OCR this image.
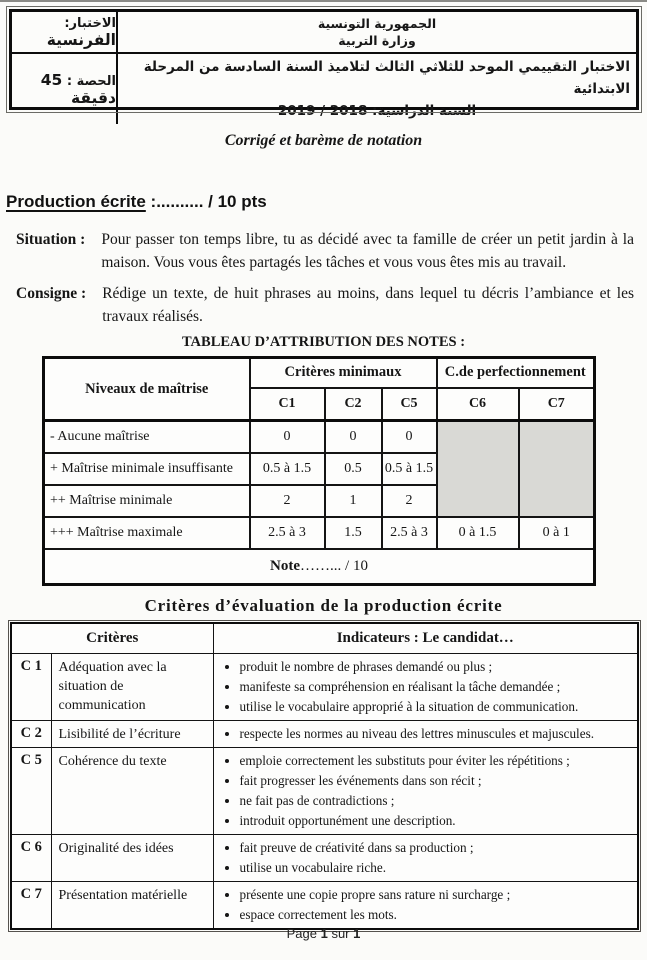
الاختبار: الفرنسية
الجمهورية التونسية
وزارة التربية
الحصة : 45 دقيقة
الاختبار التقييمي الموحد للثلاثي الثالث لتلاميذ السنة السادسة من المرحلة الابتدائية
السنة الدراسية: 2018 / 2019
Corrigé et barème de notation
Production écrite :.......... / 10 pts
Situation : Pour passer ton temps libre, tu as décidé avec ta famille de créer un petit jardin à la maison. Vous vous êtes partagés les tâches et vous vous êtes mis au travail.
Consigne : Rédige un texte, de huit phrases au moins, dans lequel tu décris l’ambiance et les travaux réalisés.
TABLEAU D’ATTRIBUTION DES NOTES :
Niveaux de maîtrise	Critères minimaux			C.de perfectionnement	
	C1	C2	C5	C6	C7
- Aucune maîtrise	0	0	0		
+ Maîtrise minimale insuffisante	0.5 à 1.5	0.5	0.5 à 1.5		
++ Maîtrise minimale	2	1	2		
+++ Maîtrise maximale	2.5 à 3	1.5	2.5 à 3	0 à 1.5	0 à 1
Note……... / 10					
Critères d’évaluation de la production écrite
Critères		Indicateurs : Le candidat…
C 1	Adéquation avec la situation de communication	
• produit le nombre de phrases demandé ou plus ;
• manifeste sa compréhension en réalisant la tâche demandée ;
• utilise le vocabulaire approprié à la situation de communication.

C 2	Lisibilité de l’écriture	
•respecte les normes au niveau des lettres minuscules et majuscules.

C 5	Cohérence du texte	
•emploie correctement les substituts pour éviter les répétitions ;
• fait progresser les événements dans son récit ;
• ne fait pas de contradictions ;
• introduit opportunément une description.

C 6	Originalité des idées	
•fait preuve de créativité dans sa production ;
• utilise un vocabulaire riche.

C 7	Présentation matérielle	
•présente une copie propre sans rature ni surcharge ;
• espace correctement les mots.
Page 1 sur 1
